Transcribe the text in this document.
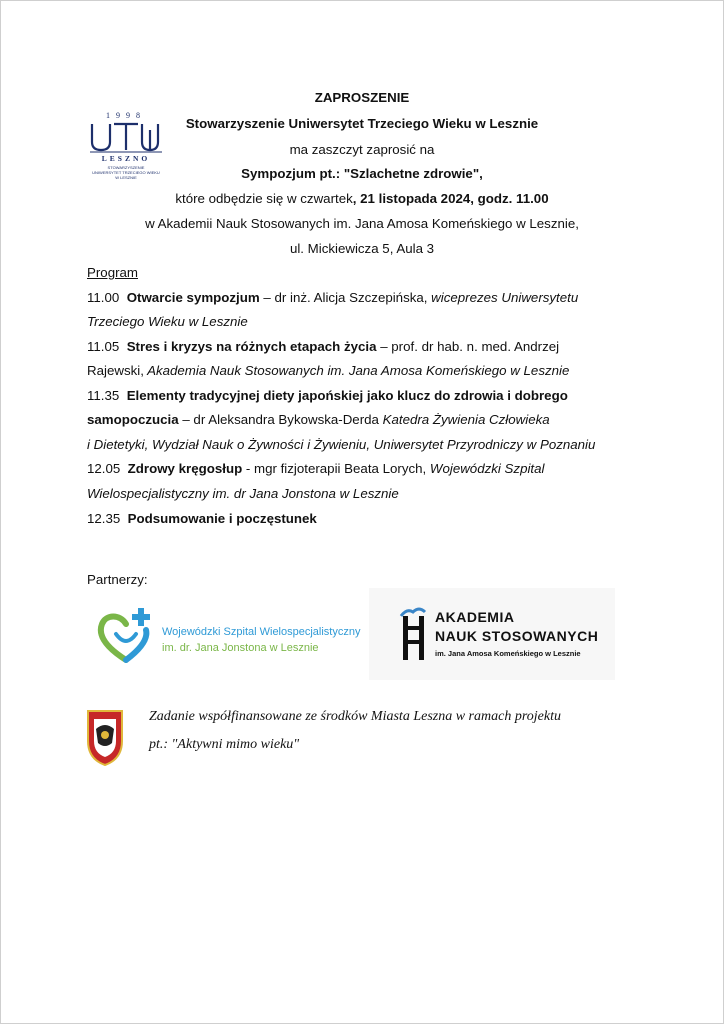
1998
LESZNO
STOWARZYSZENIE
UNIWERSYTET TRZECIEGO WIEKU
W LESZNIE
ZAPROSZENIE
Stowarzyszenie Uniwersytet Trzeciego Wieku w Lesznie
ma zaszczyt zaprosić na
Sympozjum pt.: "Szlachetne zdrowie",
które odbędzie się w czwartek, 21 listopada 2024, godz. 11.00
w Akademii Nauk Stosowanych im. Jana Amosa Komeńskiego w Lesznie,
ul. Mickiewicza 5, Aula 3
Program
11.00 Otwarcie sympozjum – dr inż. Alicja Szczepińska, wiceprezes Uniwersytetu
Trzeciego Wieku w Lesznie
11.05 Stres i kryzys na różnych etapach życia – prof. dr hab. n. med. Andrzej
Rajewski, Akademia Nauk Stosowanych im. Jana Amosa Komeńskiego w Lesznie
11.35 Elementy tradycyjnej diety japońskiej jako klucz do zdrowia i dobrego
samopoczucia – dr Aleksandra Bykowska-Derda Katedra Żywienia Człowieka
i Dietetyki, Wydział Nauk o Żywności i Żywieniu, Uniwersytet Przyrodniczy w Poznaniu
12.05 Zdrowy kręgosłup - mgr fizjoterapii Beata Lorych, Wojewódzki Szpital
Wielospecjalistyczny im. dr Jana Jonstona w Lesznie
12.35 Podsumowanie i poczęstunek
Partnerzy:
Wojewódzki Szpital Wielospecjalistyczny
im. dr. Jana Jonstona w Lesznie
AKADEMIA
NAUK STOSOWANYCH
im. Jana Amosa Komeńskiego w Lesznie
Zadanie współfinansowane ze środków Miasta Leszna w ramach projektu
pt.: "Aktywni mimo wieku"
